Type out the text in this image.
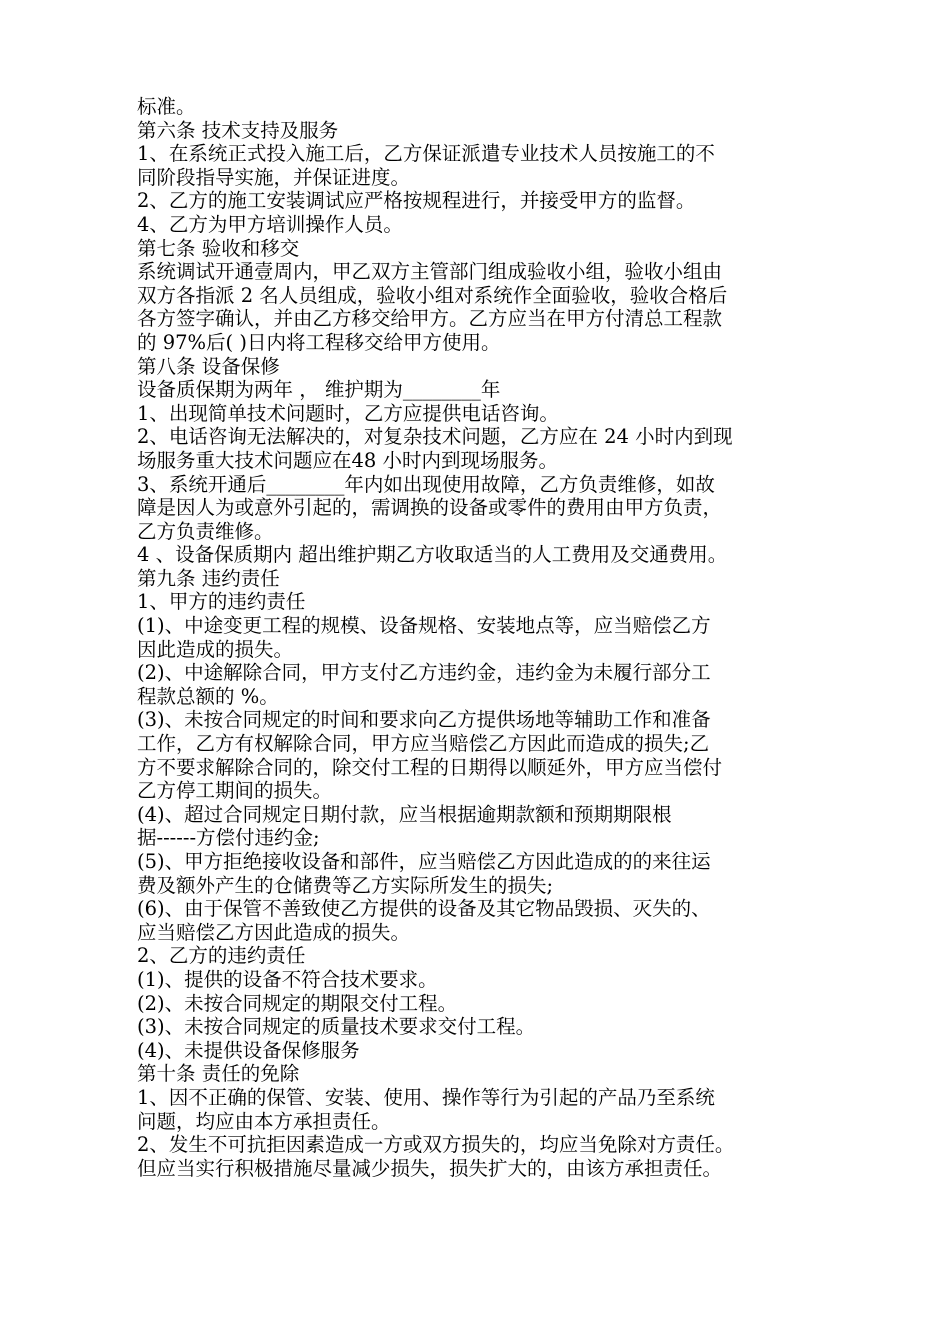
标准。
第六条 技术支持及服务
1、在系统正式投入施工后，乙方保证派遣专业技术人员按施工的不
同阶段指导实施，并保证进度。
2、乙方的施工安装调试应严格按规程进行，并接受甲方的监督。
4、乙方为甲方培训操作人员。
第七条 验收和移交
系统调试开通壹周内，甲乙双方主管部门组成验收小组，验收小组由
双方各指派 2 名人员组成，验收小组对系统作全面验收，验收合格后
各方签字确认，并由乙方移交给甲方。乙方应当在甲方付清总工程款
的 97%后( )日内将工程移交给甲方使用。
第八条 设备保修
设备质保期为两年 ， 维护期为________年
1、出现简单技术问题时，乙方应提供电话咨询。
2、电话咨询无法解决的，对复杂技术问题，乙方应在 24 小时内到现
场服务重大技术问题应在48 小时内到现场服务。
3、系统开通后________年内如出现使用故障，乙方负责维修，如故
障是因人为或意外引起的，需调换的设备或零件的费用由甲方负责，
乙方负责维修。
4 、设备保质期内 超出维护期乙方收取适当的人工费用及交通费用。
第九条 违约责任
1、甲方的违约责任
(1)、中途变更工程的规模、设备规格、安装地点等，应当赔偿乙方
因此造成的损失。
(2)、中途解除合同，甲方支付乙方违约金，违约金为未履行部分工
程款总额的 %。
(3)、未按合同规定的时间和要求向乙方提供场地等辅助工作和准备
工作，乙方有权解除合同，甲方应当赔偿乙方因此而造成的损失;乙
方不要求解除合同的，除交付工程的日期得以顺延外，甲方应当偿付
乙方停工期间的损失。
(4)、超过合同规定日期付款，应当根据逾期款额和预期期限根
据------方偿付违约金;
(5)、甲方拒绝接收设备和部件，应当赔偿乙方因此造成的的来往运
费及额外产生的仓储费等乙方实际所发生的损失;
(6)、由于保管不善致使乙方提供的设备及其它物品毁损、灭失的、
应当赔偿乙方因此造成的损失。
2、乙方的违约责任
(1)、提供的设备不符合技术要求。
(2)、未按合同规定的期限交付工程。
(3)、未按合同规定的质量技术要求交付工程。
(4)、未提供设备保修服务
第十条 责任的免除
1、因不正确的保管、安装、使用、操作等行为引起的产品乃至系统
问题，均应由本方承担责任。
2、发生不可抗拒因素造成一方或双方损失的，均应当免除对方责任。
但应当实行积极措施尽量减少损失，损失扩大的，由该方承担责任。
